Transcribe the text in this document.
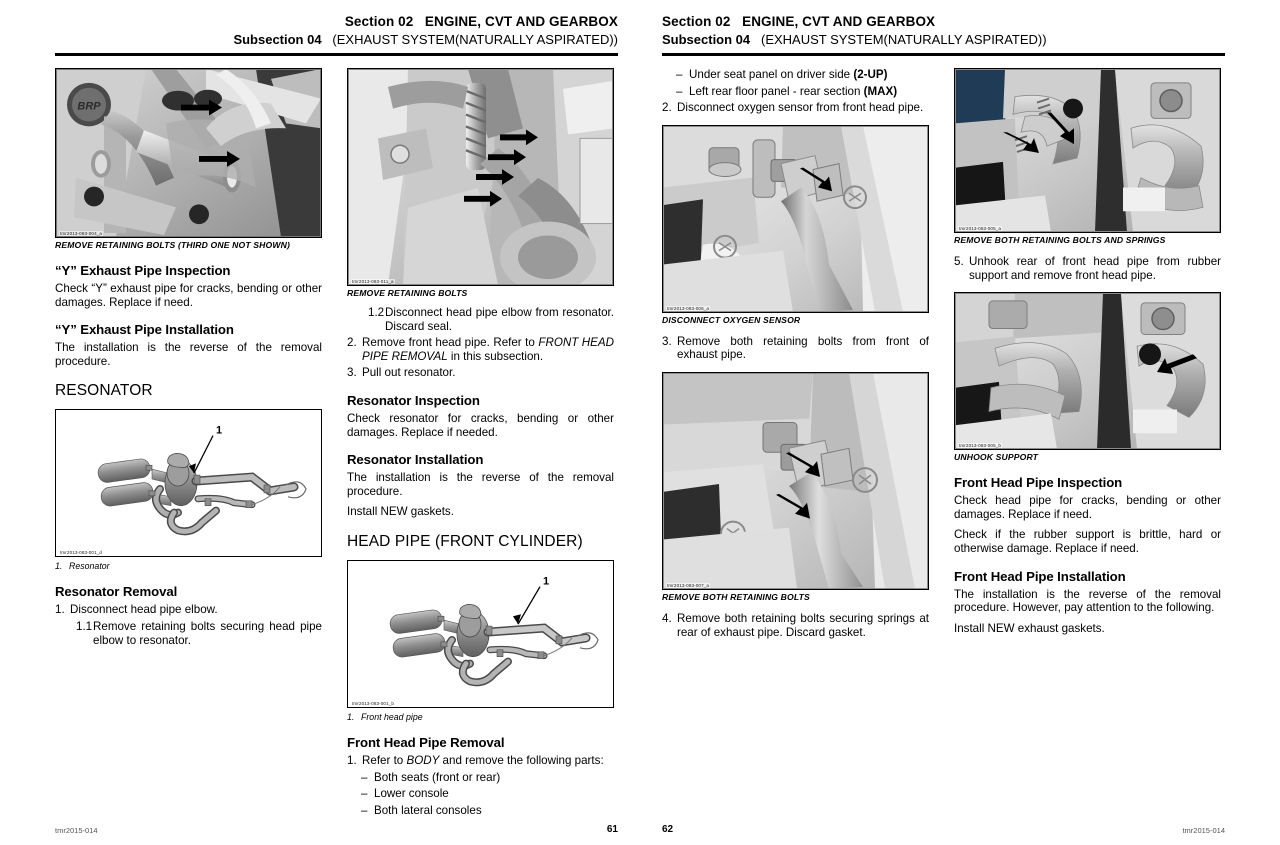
Section 02 ENGINE, CVT AND GEARBOX
Subsection 04 (EXHAUST SYSTEM(NATURALLY ASPIRATED))
BRP
tmr2013-083-004_a
REMOVE RETAINING BOLTS (THIRD ONE NOT SHOWN)
“Y” Exhaust Pipe Inspection

Check “Y” exhaust pipe for cracks, bending or other damages. Replace if need.

“Y” Exhaust Pipe Installation

The installation is the reverse of the removal procedure.

RESONATOR
1
tmr2013-083-001_d
1. Resonator
Resonator Removal
1. Disconnect head pipe elbow.
1.1 Remove retaining bolts securing head pipe elbow to resonator.
tmr2013-083-011_a
REMOVE RETAINING BOLTS
1.2 Disconnect head pipe elbow from resonator. Discard seal.
2. Remove front head pipe. Refer to FRONT HEAD PIPE REMOVAL in this subsection.
3. Pull out resonator.
Resonator Inspection

Check resonator for cracks, bending or other damages. Replace if needed.

Resonator Installation

The installation is the reverse of the removal procedure.

Install NEW gaskets.

HEAD PIPE (FRONT CYLINDER)
1
tmr2013-083-001_b
1. Front head pipe
Front Head Pipe Removal
1. Refer to BODY and remove the following parts:
– Both seats (front or rear)
– Lower console
– Both lateral consoles
tmr2015-014	61
Section 02 ENGINE, CVT AND GEARBOX
Subsection 04 (EXHAUST SYSTEM(NATURALLY ASPIRATED))
– Under seat panel on driver side (2-UP)
– Left rear floor panel - rear section (MAX)
2. Disconnect oxygen sensor from front head pipe.
tmr2013-083-006_a
DISCONNECT OXYGEN SENSOR
3. Remove both retaining bolts from front of exhaust pipe.
tmr2013-083-007_a
REMOVE BOTH RETAINING BOLTS
4. Remove both retaining bolts securing springs at rear of exhaust pipe. Discard gasket.
tmr2013-083-005_a
REMOVE BOTH RETAINING BOLTS AND SPRINGS
5. Unhook rear of front head pipe from rubber support and remove front head pipe.
tmr2013-083-005_b
UNHOOK SUPPORT
Front Head Pipe Inspection

Check head pipe for cracks, bending or other damages. Replace if need.

Check if the rubber support is brittle, hard or otherwise damage. Replace if need.

Front Head Pipe Installation

The installation is the reverse of the removal procedure. However, pay attention to the following.

Install NEW exhaust gaskets.

62	tmr2015-014
